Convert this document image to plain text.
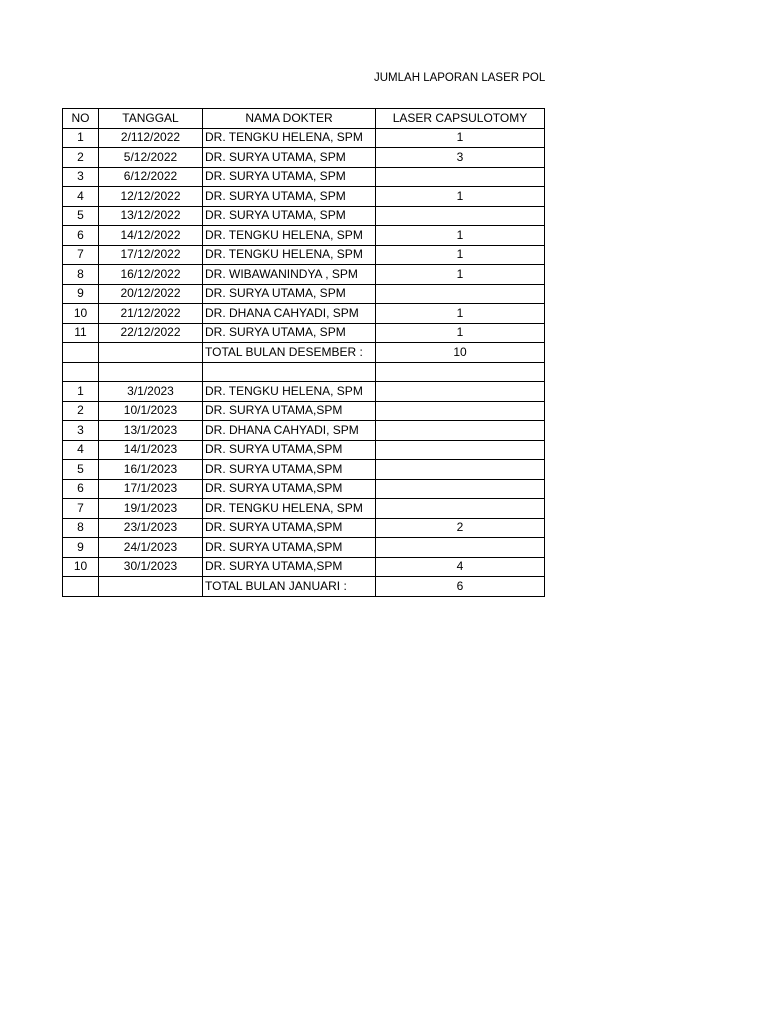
JUMLAH LAPORAN LASER POL
NO	TANGGAL	NAMA DOKTER	LASER CAPSULOTOMY
1	2/112/2022	DR. TENGKU HELENA, SPM	1
2	5/12/2022	DR. SURYA UTAMA, SPM	3
3	6/12/2022	DR. SURYA UTAMA, SPM	
4	12/12/2022	DR. SURYA UTAMA, SPM	1
5	13/12/2022	DR. SURYA UTAMA, SPM	
6	14/12/2022	DR. TENGKU HELENA, SPM	1
7	17/12/2022	DR. TENGKU HELENA, SPM	1
8	16/12/2022	DR. WIBAWANINDYA , SPM	1
9	20/12/2022	DR. SURYA UTAMA, SPM	
10	21/12/2022	DR. DHANA CAHYADI, SPM	1
11	22/12/2022	DR. SURYA UTAMA, SPM	1
		TOTAL BULAN DESEMBER :	10

1	3/1/2023	DR. TENGKU HELENA, SPM	
2	10/1/2023	DR. SURYA UTAMA,SPM	
3	13/1/2023	DR. DHANA CAHYADI, SPM	
4	14/1/2023	DR. SURYA UTAMA,SPM	
5	16/1/2023	DR. SURYA UTAMA,SPM	
6	17/1/2023	DR. SURYA UTAMA,SPM	
7	19/1/2023	DR. TENGKU HELENA, SPM	
8	23/1/2023	DR. SURYA UTAMA,SPM	2
9	24/1/2023	DR. SURYA UTAMA,SPM	
10	30/1/2023	DR. SURYA UTAMA,SPM	4
		TOTAL BULAN JANUARI :	6
